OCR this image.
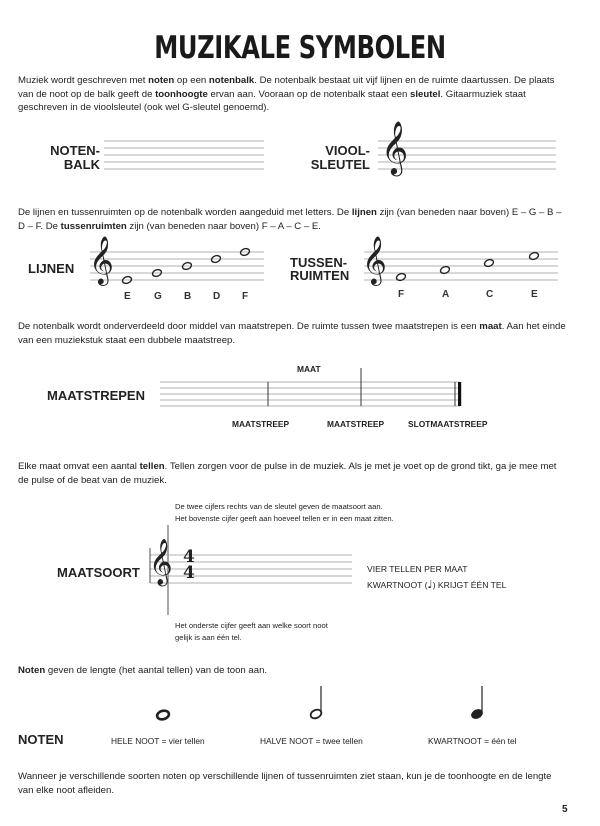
MUZIKALE SYMBOLEN
Muziek wordt geschreven met noten op een notenbalk. De notenbalk bestaat uit vijf lijnen en de ruimte daartussen. De plaats van de noot op de balk geeft de toonhoogte ervan aan. Vooraan op de notenbalk staat een sleutel. Gitaarmuziek staat geschreven in de vioolsleutel (ook wel G-sleutel genoemd).
NOTEN-
BALK
VIOOL-
SLEUTEL 𝄞
De lijnen en tussenruimten op de notenbalk worden aangeduid met letters. De lijnen zijn (van beneden naar boven) E – G – B – D – F. De tussenruimten zijn (van beneden naar boven) F – A – C – E.
LIJNEN 𝄞	𝄞
E G B D F
TUSSEN-
RUIMTEN
F	A	C	E
De notenbalk wordt onderverdeeld door middel van maatstrepen. De ruimte tussen twee maatstrepen is een maat. Aan het einde van een muziekstuk staat een dubbele maatstreep.
MAAT
MAATSTREPEN
MAATSTREEP	MAATSTREEP	SLOTMAATSTREEP
Elke maat omvat een aantal tellen. Tellen zorgen voor de pulse in de muziek. Als je met je voet op de grond tikt, ga je mee met de pulse of de beat van de muziek.
De twee cijfers rechts van de sleutel geven de maatsoort aan.
Het bovenste cijfer geeft aan hoeveel tellen er in een maat zitten.
MAATSOORT 𝄞 4
4	VIER TELLEN PER MAAT
KWARTNOOT (♩) KRIJGT ÉÉN TEL
Het onderste cijfer geeft aan welke soort noot
gelijk is aan één tel.
Noten geven de lengte (het aantal tellen) van de toon aan.
NOTEN	HELE NOOT = vier tellen	HALVE NOOT = twee tellen	KWARTNOOT = één tel
Wanneer je verschillende soorten noten op verschillende lijnen of tussenruimten ziet staan, kun je de toonhoogte en de lengte van elke noot afleiden.
5
